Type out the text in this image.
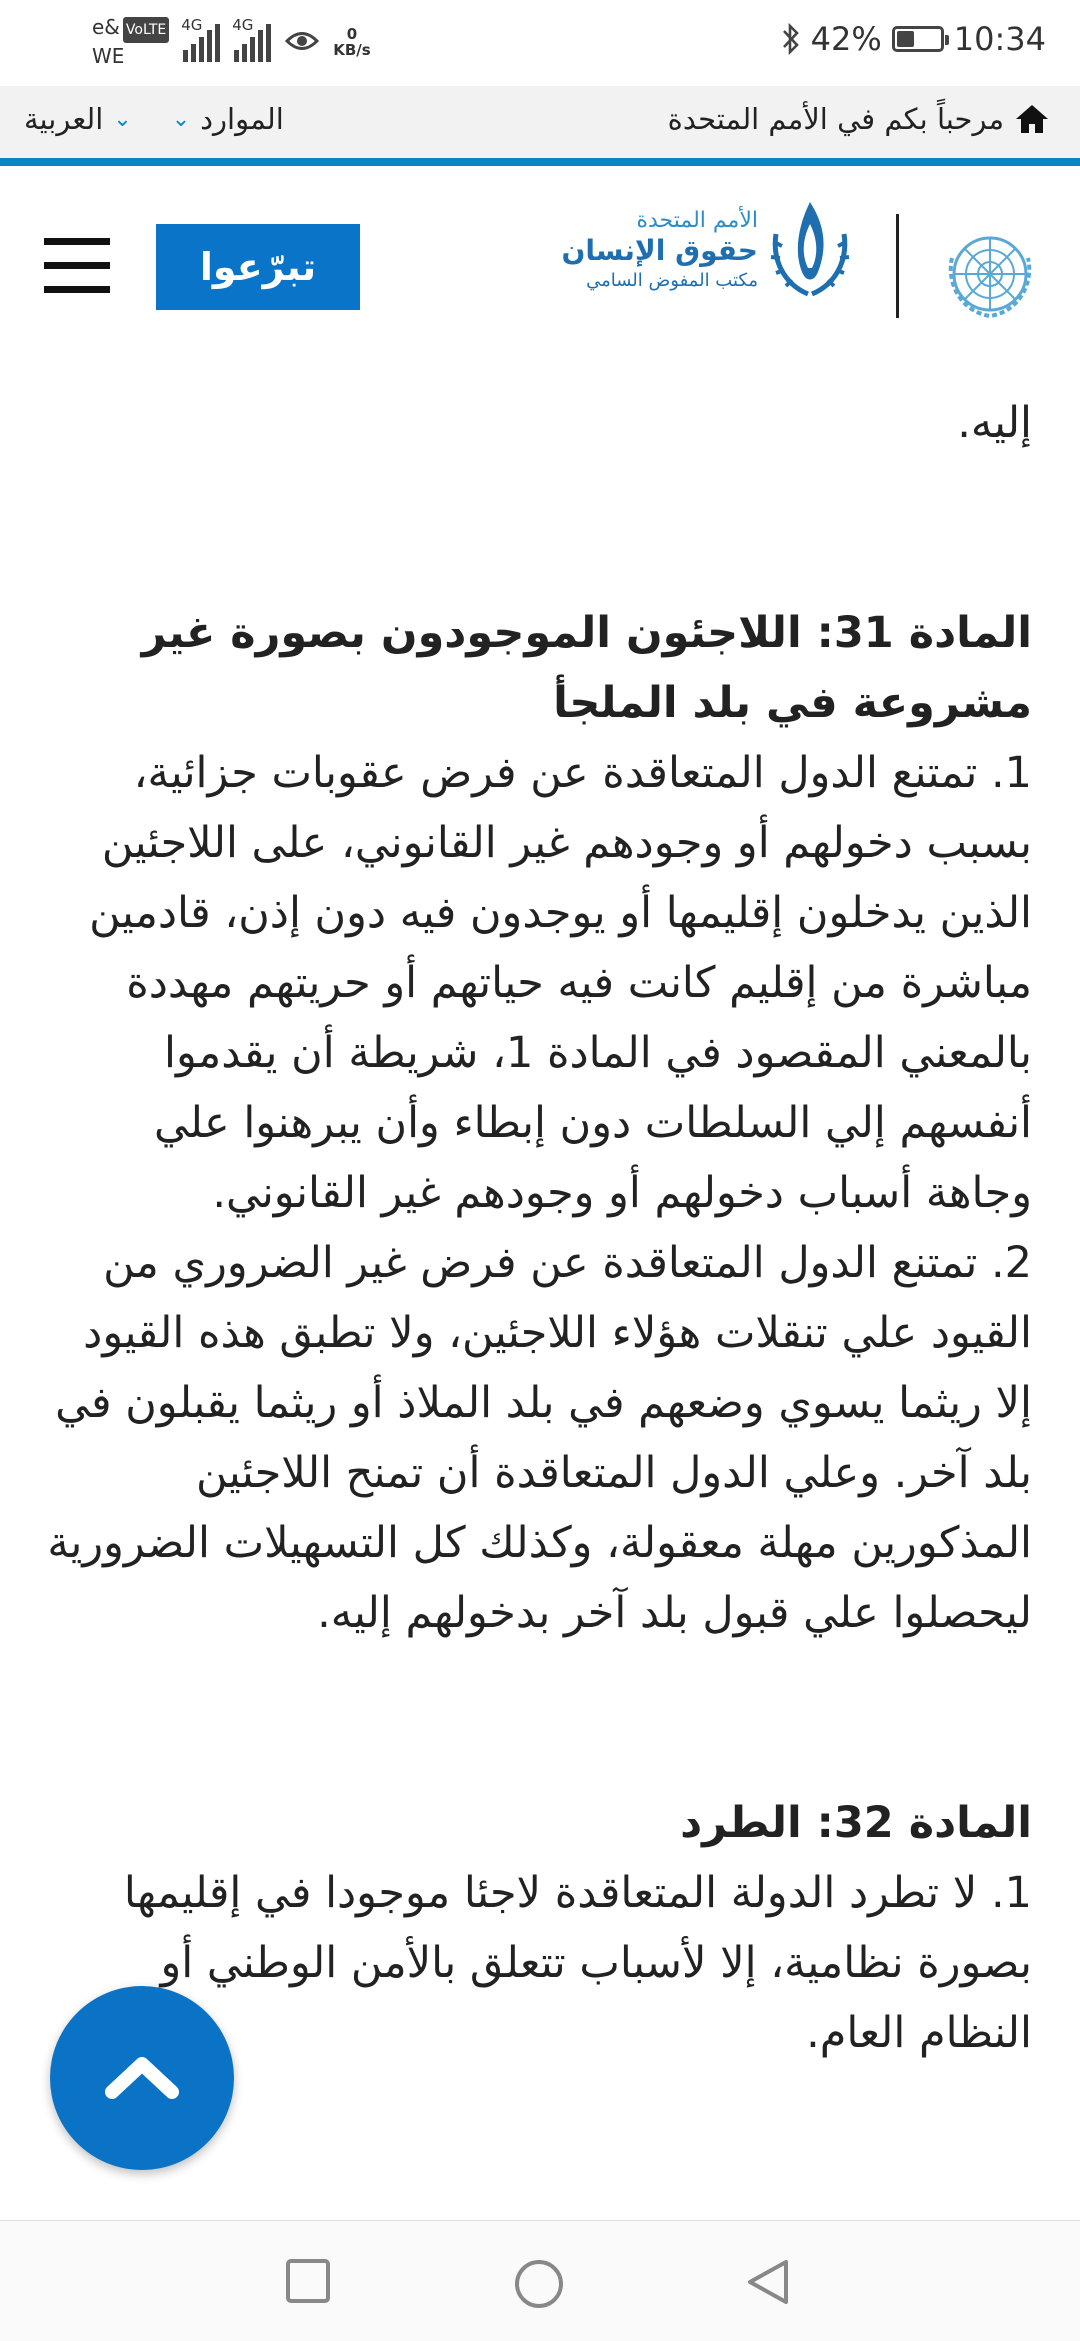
e& VoLTE
WE
4G 4G	0
KB/s	42% 10:34
مرحباً بكم في الأمم المتحدة
العربية ⌄ ⌄ الموارد
تبرّعوا
الأمم المتحدة
حقوق الإنسان
مكتب المفوض السامي

إليه.

المادة 31: اللاجئون الموجودون بصورة غير مشروعة في بلد الملجأ

1. تمتنع الدول المتعاقدة عن فرض عقوبات جزائية، بسبب دخولهم أو وجودهم غير القانوني، على اللاجئين الذين يدخلون إقليمها أو يوجدون فيه دون إذن، قادمين مباشرة من إقليم كانت فيه حياتهم أو حريتهم مهددة بالمعني المقصود في المادة 1، شريطة أن يقدموا أنفسهم إلي السلطات دون إبطاء وأن يبرهنوا علي وجاهة أسباب دخولهم أو وجودهم غير القانوني.

2. تمتنع الدول المتعاقدة عن فرض غير الضروري من القيود علي تنقلات هؤلاء اللاجئين، ولا تطبق هذه القيود إلا ريثما يسوي وضعهم في بلد الملاذ أو ريثما يقبلون في بلد آخر. وعلي الدول المتعاقدة أن تمنح اللاجئين المذكورين مهلة معقولة، وكذلك كل التسهيلات الضرورية ليحصلوا علي قبول بلد آخر بدخولهم إليه.

المادة 32: الطرد

1. لا تطرد الدولة المتعاقدة لاجئا موجودا في إقليمها بصورة نظامية، إلا لأسباب تتعلق بالأمن الوطني أو النظام العام.
